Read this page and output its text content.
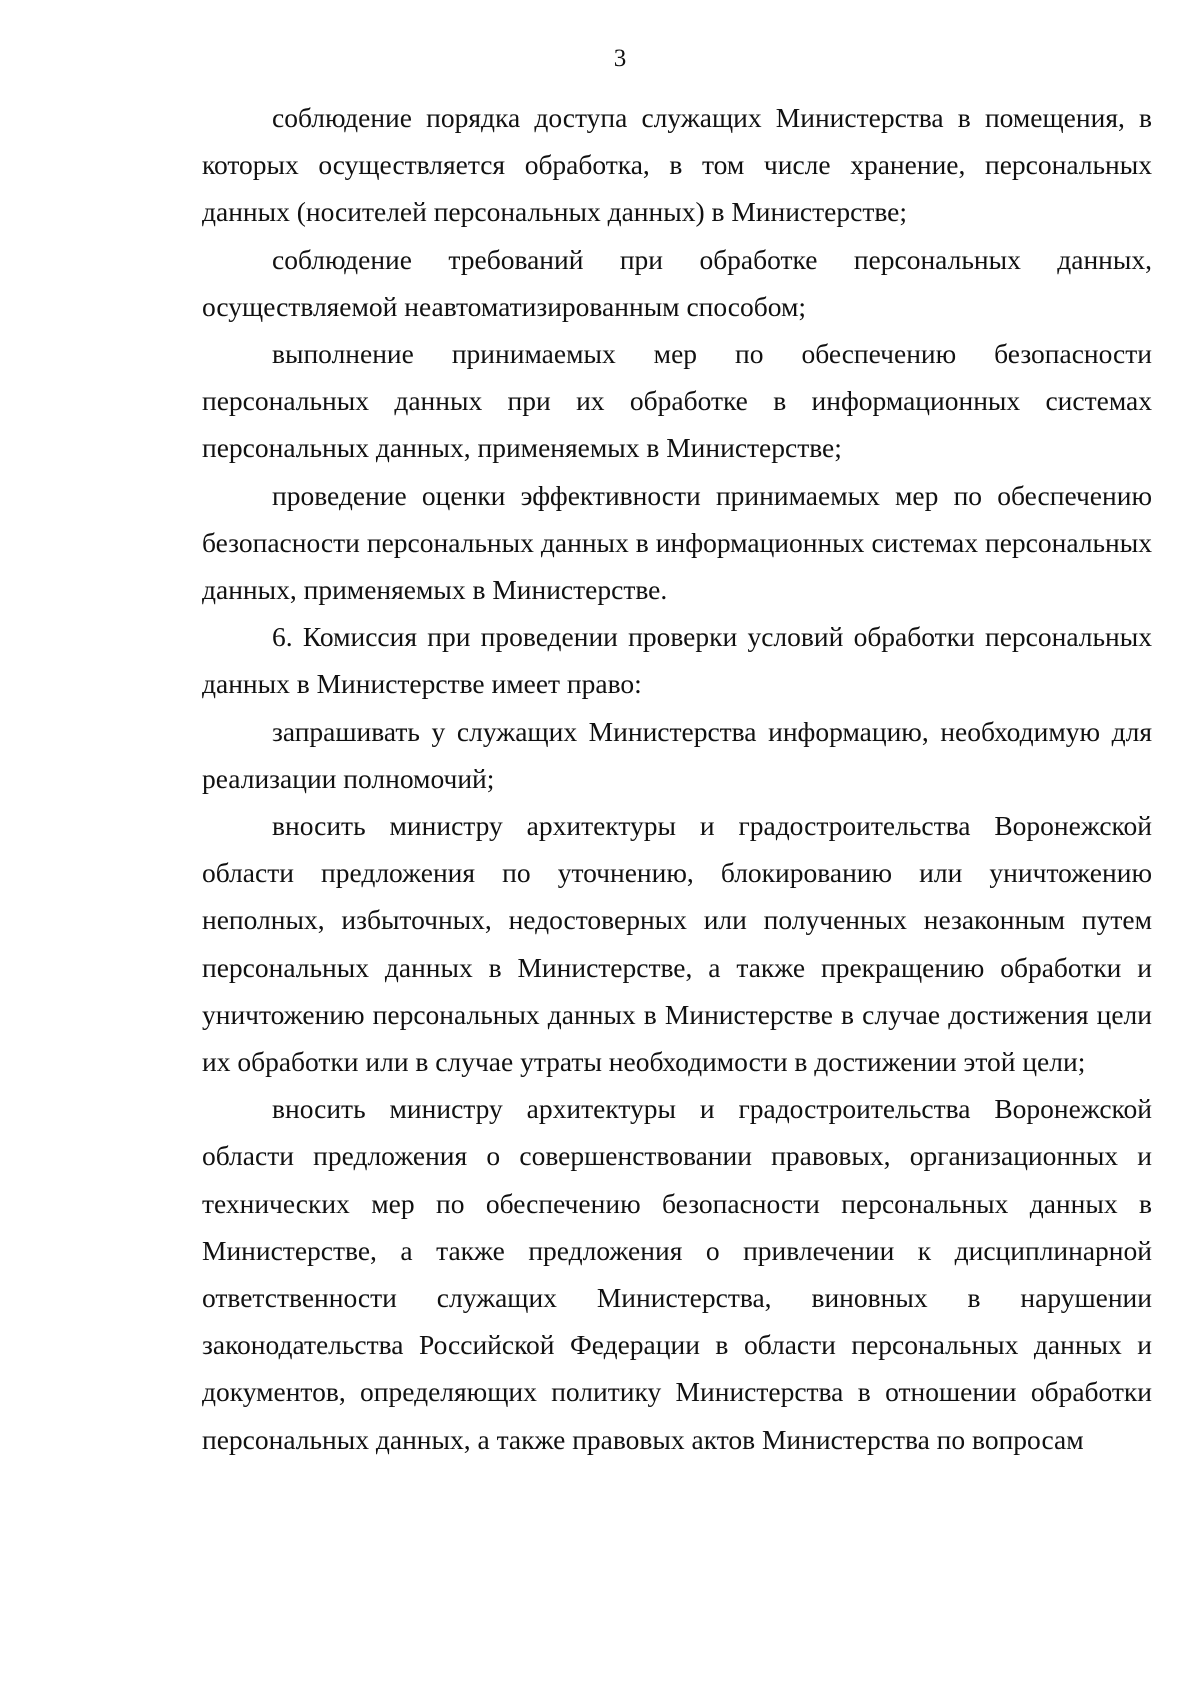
3

соблюдение порядка доступа служащих Министерства в помещения, в которых осуществляется обработка, в том числе хранение, персональных данных (носителей персональных данных) в Министерстве;

соблюдение требований при обработке персональных данных, осуществляемой неавтоматизированным способом;

выполнение принимаемых мер по обеспечению безопасности персональных данных при их обработке в информационных системах персональных данных, применяемых в Министерстве;

проведение оценки эффективности принимаемых мер по обеспечению безопасности персональных данных в информационных системах персональных данных, применяемых в Министерстве.

6. Комиссия при проведении проверки условий обработки персональных данных в Министерстве имеет право:

запрашивать у служащих Министерства информацию, необходимую для реализации полномочий;

вносить министру архитектуры и градостроительства Воронежской области предложения по уточнению, блокированию или уничтожению неполных, избыточных, недостоверных или полученных незаконным путем персональных данных в Министерстве, а также прекращению обработки и уничтожению персональных данных в Министерстве в случае достижения цели их обработки или в случае утраты необходимости в достижении этой цели;

вносить министру архитектуры и градостроительства Воронежской области предложения о совершенствовании правовых, организационных и технических мер по обеспечению безопасности персональных данных в Министерстве, а также предложения о привлечении к дисциплинарной ответственности служащих Министерства, виновных в нарушении законодательства Российской Федерации в области персональных данных и документов, определяющих политику Министерства в отношении обработки персональных данных, а также правовых актов Министерства по вопросам
